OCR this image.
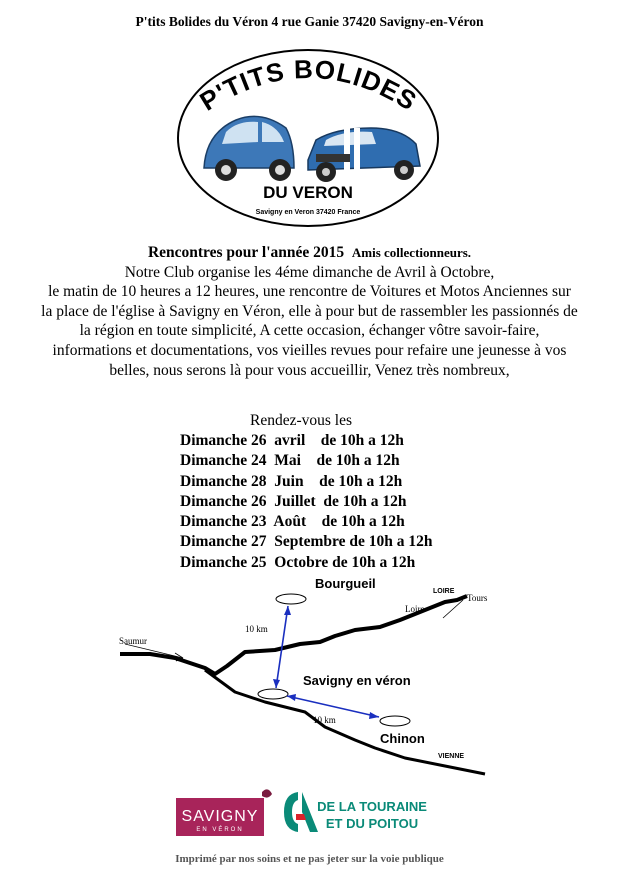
P'tits Bolides du Véron 4 rue Ganie 37420 Savigny-en-Véron
P'TITS BOLIDES
DU VERON
Savigny en Veron 37420 France
Rencontres pour l'année 2015 Amis collectionneurs.
Notre Club organise les 4éme dimanche de Avril à Octobre,
le matin de 10 heures a 12 heures, une rencontre de Voitures et Motos Anciennes sur
la place de l'église à Savigny en Véron, elle à pour but de rassembler les passionnés de
la région en toute simplicité, A cette occasion, échanger vôtre savoir-faire,
informations et documentations, vos vieilles revues pour refaire une jeunesse à vos
belles, nous serons là pour vous accueillir, Venez très nombreux,
Rendez-vous les
Dimanche 26  avril    de 10h a 12h
Dimanche 24  Mai    de 10h a 12h
Dimanche 28  Juin    de 10h a 12h
Dimanche 26  Juillet  de 10h a 12h
Dimanche 23  Août    de 10h a 12h
Dimanche 27  Septembre de 10h a 12h
Dimanche 25  Octobre de 10h a 12h
Bourgueil
LOIRE
Tours
Loire
Saumur
10 km
Savigny en véron
10 km
Chinon
VIENNE
SAVIGNY
EN VÉRON
DE LA TOURAINE
ET DU POITOU
Imprimé par nos soins et ne pas jeter sur la voie publique
